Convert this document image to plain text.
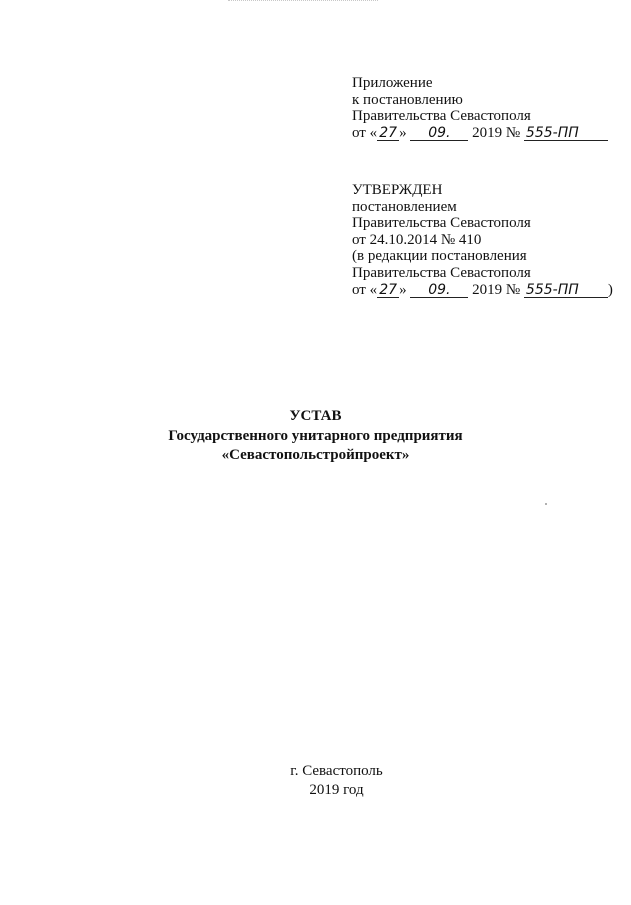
Приложение
к постановлению
Правительства Севастополя
от « 27 » 09. 2019 № 555-ПП
УТВЕРЖДЕН
постановлением
Правительства Севастополя
от 24.10.2014 № 410
(в редакции постановления
Правительства Севастополя
от « 27 » 09. 2019 № 555-ПП )
УСТАВ
Государственного унитарного предприятия
«Севастопольстройпроект»
г. Севастополь
2019 год
